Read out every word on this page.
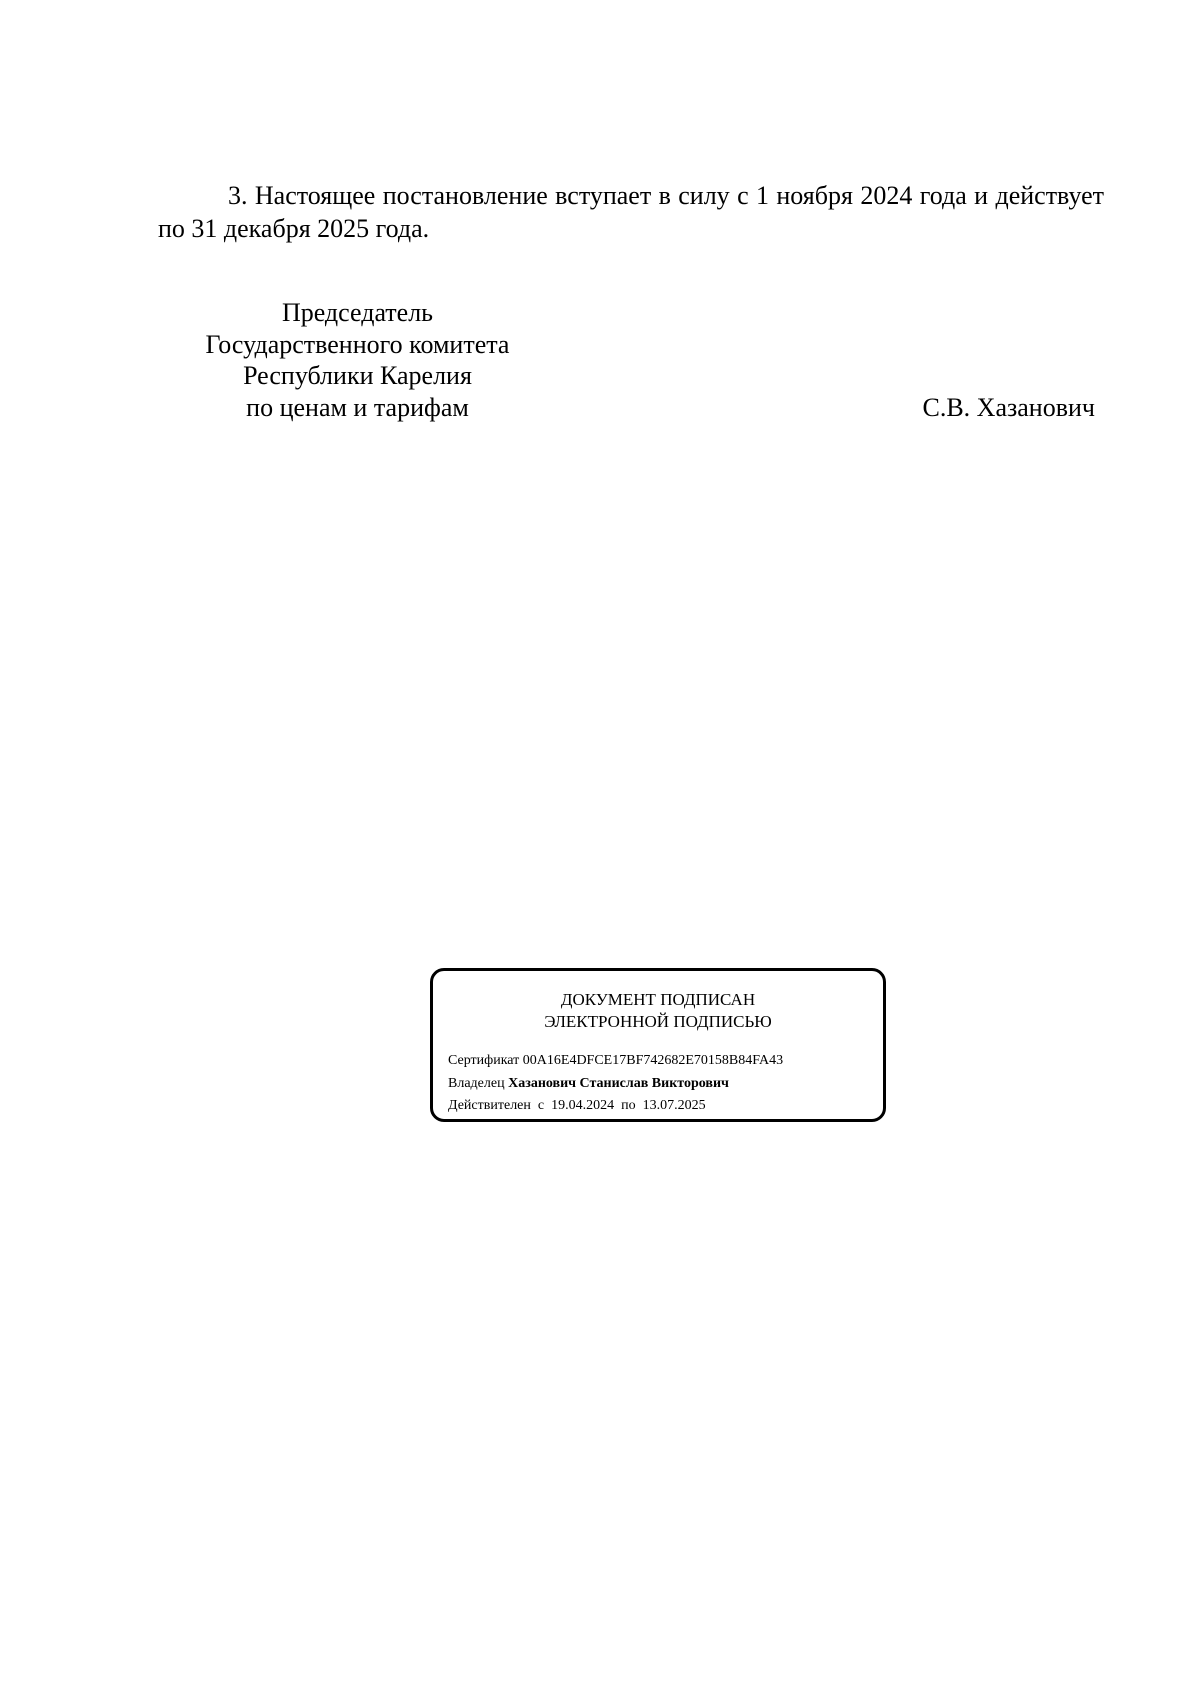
3. Настоящее постановление вступает в силу с 1 ноября 2024 года и действует по 31 декабря 2025 года.

Председатель
Государственного комитета
Республики Карелия
по ценам и тарифам	С.В. Хазанович
ДОКУМЕНТ ПОДПИСАН
ЭЛЕКТРОННОЙ ПОДПИСЬЮ
Сертификат 00A16E4DFCE17BF742682E70158B84FA43
Владелец Хазанович Станислав Викторович
Действителен с 19.04.2024 по 13.07.2025
